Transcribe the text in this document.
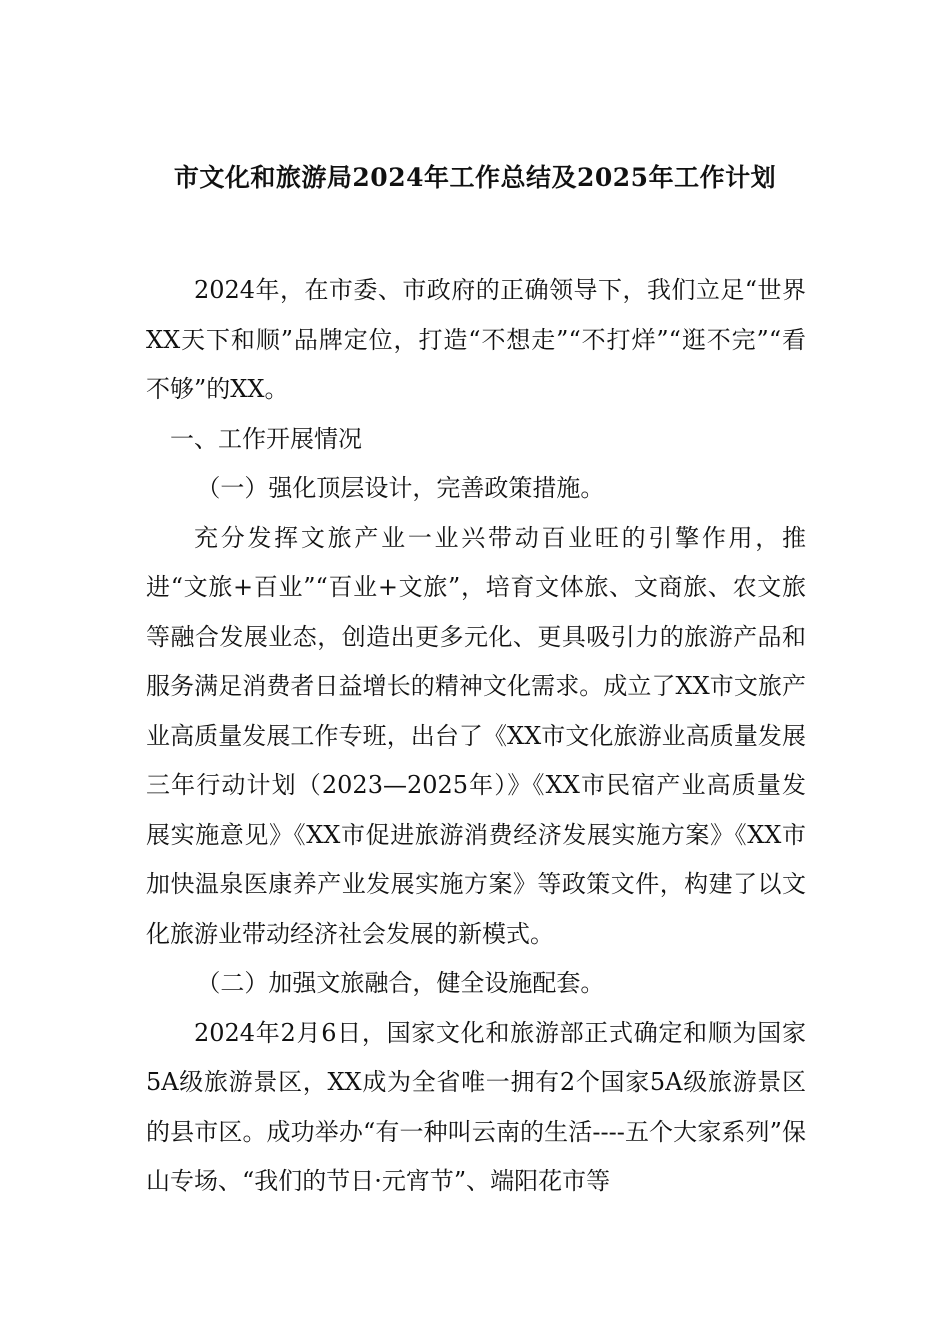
市文化和旅游局2024年工作总结及2025年工作计划

2024年，在市委、市政府的正确领导下，我们立足“世界XX天下和顺”品牌定位，打造“不想走”“不打烊”“逛不完”“看不够”的XX。

一、工作开展情况

（一）强化顶层设计，完善政策措施。

充分发挥文旅产业一业兴带动百业旺的引擎作用，推进“文旅+百业”“百业+文旅”，培育文体旅、文商旅、农文旅等融合发展业态，创造出更多元化、更具吸引力的旅游产品和服务满足消费者日益增长的精神文化需求。成立了XX市文旅产业高质量发展工作专班，出台了《XX市文化旅游业高质量发展三年行动计划（2023—2025年）》《XX市民宿产业高质量发展实施意见》《XX市促进旅游消费经济发展实施方案》《XX市加快温泉医康养产业发展实施方案》等政策文件，构建了以文化旅游业带动经济社会发展的新模式。

（二）加强文旅融合，健全设施配套。

2024年2月6日，国家文化和旅游部正式确定和顺为国家5A级旅游景区，XX成为全省唯一拥有2个国家5A级旅游景区的县市区。成功举办“有一种叫云南的生活----五个大家系列”保山专场、“我们的节日·元宵节”、端阳花市等
